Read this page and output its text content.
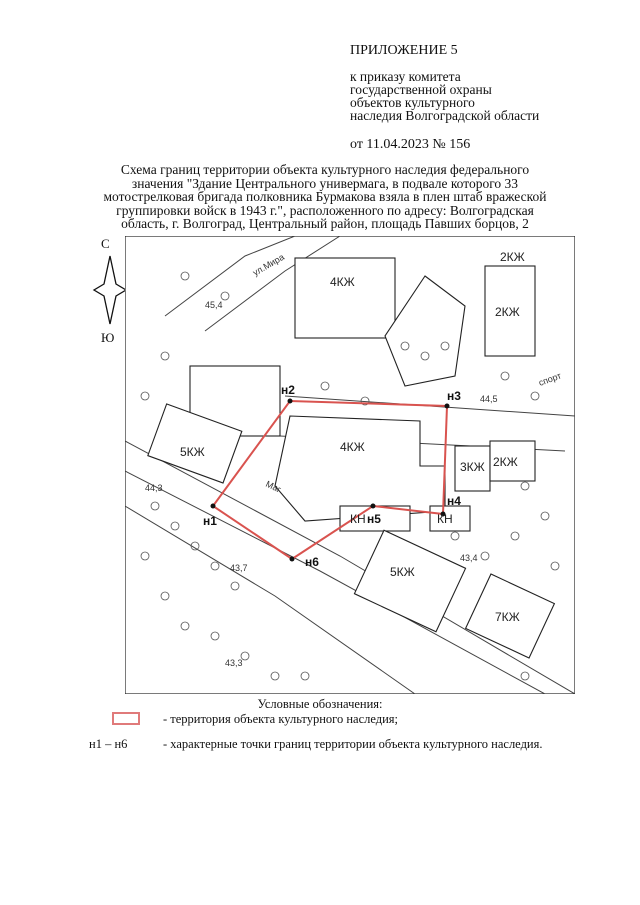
ПРИЛОЖЕНИЕ 5
к приказу комитета
государственной охраны
объектов культурного
наследия Волгоградской области
от 11.04.2023 № 156
Схема границ территории объекта культурного наследия федерального
значения "Здание Центрального универмага, в подвале которого 33
мотострелковая бригада полковника Бурмакова взяла в плен штаб вражеской
группировки войск в 1943 г.", расположенного по адресу: Волгоградская
область, г. Волгоград, Центральный район, площадь Павших борцов, 2
С
Ю
н1
н2	н3
н4
н5
н6
4КЖ
4КЖ
5КЖ
5КЖ
7КЖ
2КЖ
2КЖ
3КЖ
2КЖ
КН	КН
ул.Мира
спорт
Маг
45,4
44,5
44,3
43,7
43,4
43,3
Условные обозначения:
- территория объекта культурного наследия;
н1 – н6	- характерные точки границ территории объекта культурного наследия.
